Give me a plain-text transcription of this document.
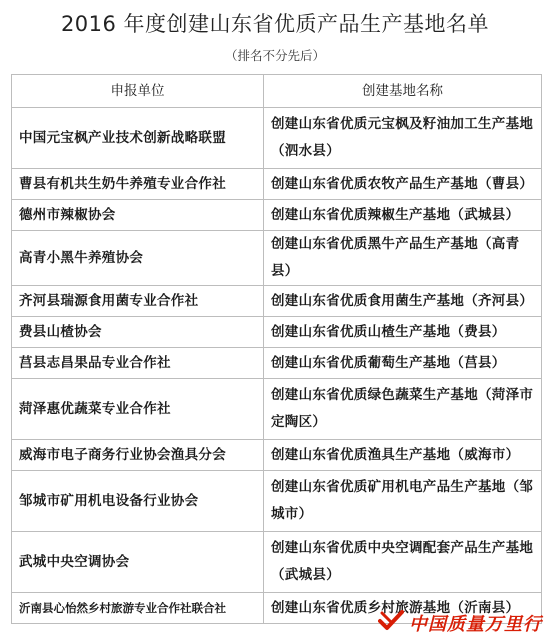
2016 年度创建山东省优质产品生产基地名单
（排名不分先后）
申报单位	创建基地名称
中国元宝枫产业技术创新战略联盟	创建山东省优质元宝枫及籽油加工生产基地（泗水县）
曹县有机共生奶牛养殖专业合作社	创建山东省优质农牧产品生产基地（曹县）
德州市辣椒协会	创建山东省优质辣椒生产基地（武城县）
高青小黑牛养殖协会	创建山东省优质黑牛产品生产基地（高青县）
齐河县瑞源食用菌专业合作社	创建山东省优质食用菌生产基地（齐河县）
费县山楂协会	创建山东省优质山楂生产基地（费县）
莒县志昌果品专业合作社	创建山东省优质葡萄生产基地（莒县）
菏泽惠优蔬菜专业合作社	创建山东省优质绿色蔬菜生产基地（菏泽市定陶区）
威海市电子商务行业协会渔具分会	创建山东省优质渔具生产基地（威海市）
邹城市矿用机电设备行业协会	创建山东省优质矿用机电产品生产基地（邹城市）
武城中央空调协会	创建山东省优质中央空调配套产品生产基地（武城县）
沂南县心怡然乡村旅游专业合作社联合社	创建山东省优质乡村旅游基地（沂南县）
中国质量万里行
